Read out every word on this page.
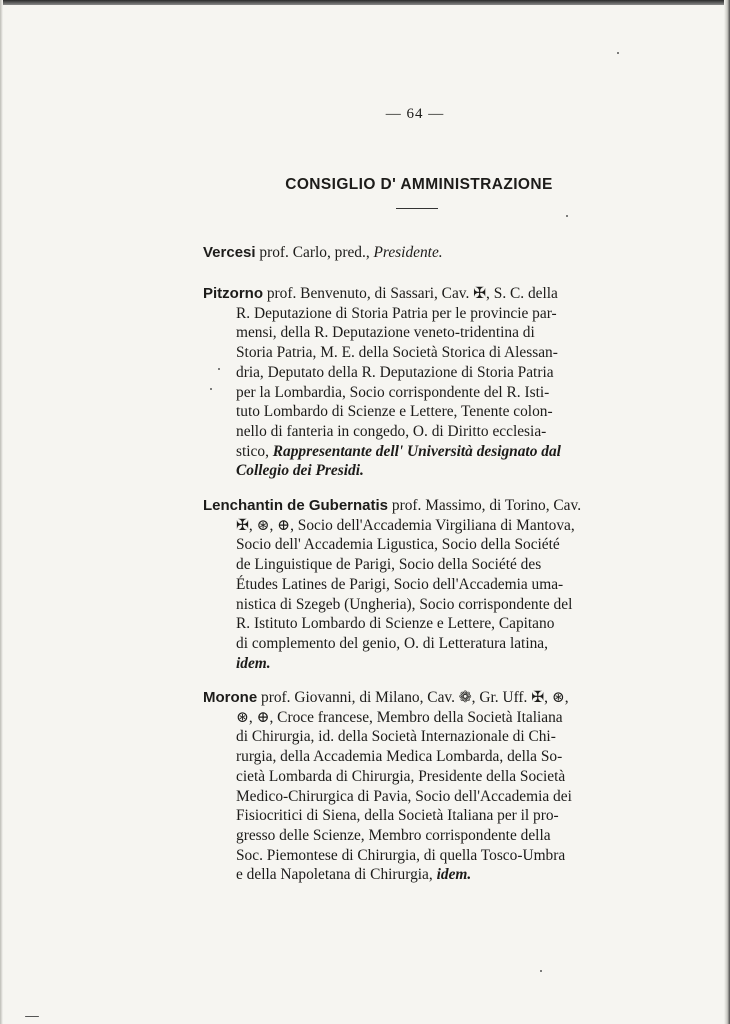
— 64 —
CONSIGLIO D' AMMINISTRAZIONE

Vercesi prof. Carlo, pred., Presidente.

Pitzorno prof. Benvenuto, di Sassari, Cav. ✠, S. C. della
R. Deputazione di Storia Patria per le provincie par-
mensi, della R. Deputazione veneto-tridentina di
Storia Patria, M. E. della Società Storica di Alessan-
dria, Deputato della R. Deputazione di Storia Patria
per la Lombardia, Socio corrispondente del R. Isti-
tuto Lombardo di Scienze e Lettere, Tenente colon-
nello di fanteria in congedo, O. di Diritto ecclesia-
stico, Rappresentante dell' Università designato dal
Collegio dei Presidi.

Lenchantin de Gubernatis prof. Massimo, di Torino, Cav.
✠, ⊛, ⊕, Socio dell'Accademia Virgiliana di Mantova,
Socio dell' Accademia Ligustica, Socio della Société
de Linguistique de Parigi, Socio della Société des
Études Latines de Parigi, Socio dell'Accademia uma-
nistica di Szegeb (Ungheria), Socio corrispondente del
R. Istituto Lombardo di Scienze e Lettere, Capitano
di complemento del genio, O. di Letteratura latina,
idem.

Morone prof. Giovanni, di Milano, Cav. ❁, Gr. Uff. ✠, ⊛,
⊛, ⊕, Croce francese, Membro della Società Italiana
di Chirurgia, id. della Società Internazionale di Chi-
rurgia, della Accademia Medica Lombarda, della So-
cietà Lombarda di Chirurgia, Presidente della Società
Medico-Chirurgica di Pavia, Socio dell'Accademia dei
Fisiocritici di Siena, della Società Italiana per il pro-
gresso delle Scienze, Membro corrispondente della
Soc. Piemontese di Chirurgia, di quella Tosco-Umbra
e della Napoletana di Chirurgia, idem.
